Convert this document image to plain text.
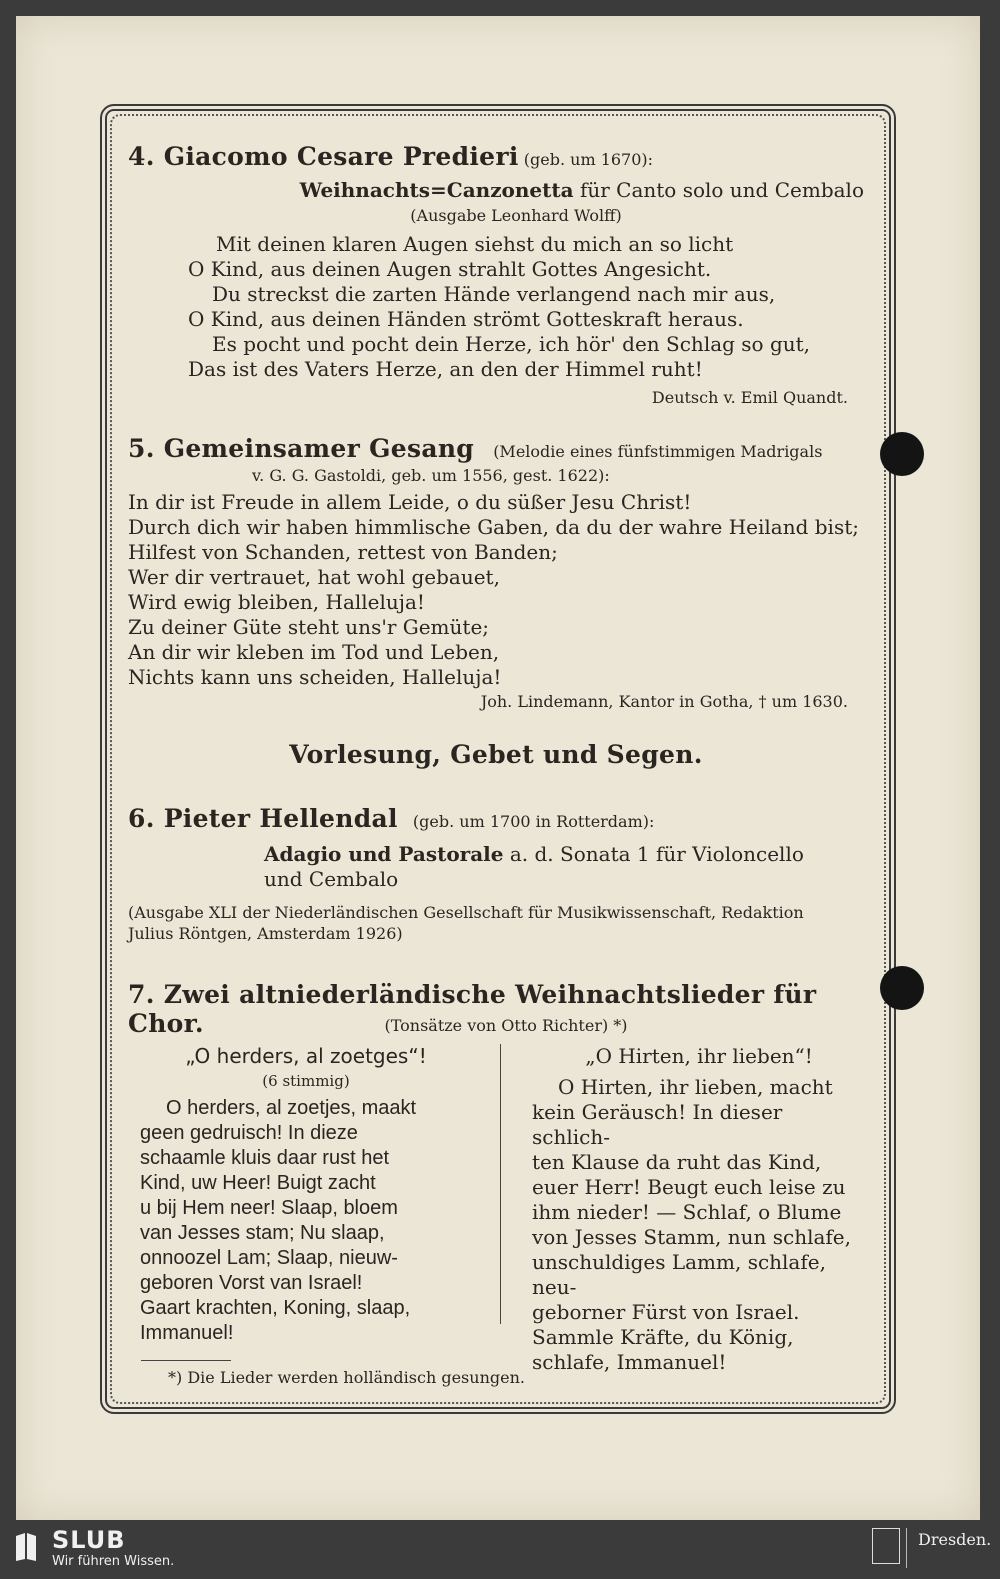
4. Giacomo Cesare Predieri (geb. um 1670):
Weihnachts=Canzonetta für Canto solo und Cembalo
(Ausgabe Leonhard Wolff)
Mit deinen klaren Augen siehst du mich an so licht
O Kind, aus deinen Augen strahlt Gottes Angesicht.
Du streckst die zarten Hände verlangend nach mir aus,
O Kind, aus deinen Händen strömt Gotteskraft heraus.
Es pocht und pocht dein Herze, ich hör' den Schlag so gut,
Das ist des Vaters Herze, an den der Himmel ruht!
Deutsch v. Emil Quandt.
5. Gemeinsamer Gesang (Melodie eines fünfstimmigen Madrigals
v. G. G. Gastoldi, geb. um 1556, gest. 1622):
In dir ist Freude in allem Leide, o du süßer Jesu Christ!
Durch dich wir haben himmlische Gaben, da du der wahre Heiland bist;
Hilfest von Schanden, rettest von Banden;
Wer dir vertrauet, hat wohl gebauet,
Wird ewig bleiben, Halleluja!
Zu deiner Güte steht uns'r Gemüte;
An dir wir kleben im Tod und Leben,
Nichts kann uns scheiden, Halleluja!
Joh. Lindemann, Kantor in Gotha, † um 1630.
Vorlesung, Gebet und Segen.
6. Pieter Hellendal (geb. um 1700 in Rotterdam):
Adagio und Pastorale a. d. Sonata 1 für Violoncello
und Cembalo
(Ausgabe XLI der Niederländischen Gesellschaft für Musikwissenschaft, Redaktion
Julius Röntgen, Amsterdam 1926)
7. Zwei altniederländische Weihnachtslieder für Chor.	(Tonsätze von Otto Richter) *)
„O herders, al zoetges“!
(6 stimmig)
O herders, al zoetjes, maakt
geen gedruisch! In dieze
schaamle kluis daar rust het
Kind, uw Heer! Buigt zacht
u bij Hem neer! Slaap, bloem
van Jesses stam; Nu slaap,
onnoozel Lam; Slaap, nieuw-
geboren Vorst van Israel!
Gaart krachten, Koning, slaap,
Immanuel!
„O Hirten, ihr lieben“!
O Hirten, ihr lieben, macht
kein Geräusch! In dieser schlich-
ten Klause da ruht das Kind,
euer Herr! Beugt euch leise zu
ihm nieder! — Schlaf, o Blume
von Jesses Stamm, nun schlafe,
unschuldiges Lamm, schlafe, neu-
geborner Fürst von Israel.
Sammle Kräfte, du König,
schlafe, Immanuel!
*) Die Lieder werden holländisch gesungen.
SLUB
Wir führen Wissen.
Dresden.
